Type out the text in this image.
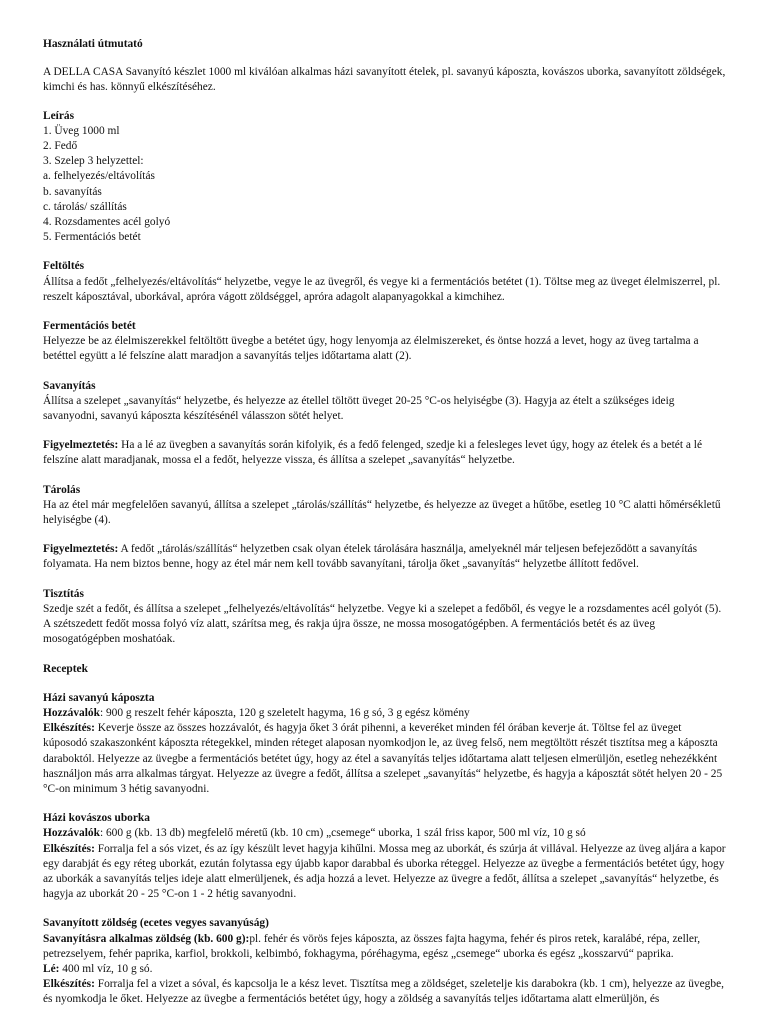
Használati útmutató

A DELLA CASA Savanyító készlet 1000 ml kiválóan alkalmas házi savanyított ételek, pl. savanyú káposzta, kovászos uborka, savanyított zöldségek, kimchi és has. könnyű elkészítéséhez.

Leírás
1. Üveg 1000 ml
2. Fedő
3. Szelep 3 helyzettel:
a. felhelyezés/eltávolítás
b. savanyítás
c. tárolás/ szállítás
4. Rozsdamentes acél golyó
5. Fermentációs betét
Feltöltés

Állítsa a fedőt „felhelyezés/eltávolítás“ helyzetbe, vegye le az üvegről, és vegye ki a fermentációs betétet (1). Töltse meg az üveget élelmiszerrel, pl. reszelt káposztával, uborkával, apróra vágott zöldséggel, apróra adagolt alapanyagokkal a kimchihez.

Fermentációs betét

Helyezze be az élelmiszerekkel feltöltött üvegbe a betétet úgy, hogy lenyomja az élelmiszereket, és öntse hozzá a levet, hogy az üveg tartalma a betéttel együtt a lé felszíne alatt maradjon a savanyítás teljes időtartama alatt (2).

Savanyítás

Állítsa a szelepet „savanyítás“ helyzetbe, és helyezze az étellel töltött üveget 20-25 °C-os helyiségbe (3). Hagyja az ételt a szükséges ideig savanyodni, savanyú káposzta készítésénél válasszon sötét helyet.

Figyelmeztetés: Ha a lé az üvegben a savanyítás során kifolyik, és a fedő felenged, szedje ki a felesleges levet úgy, hogy az ételek és a betét a lé felszíne alatt maradjanak, mossa el a fedőt, helyezze vissza, és állítsa a szelepet „savanyítás“ helyzetbe.

Tárolás

Ha az étel már megfelelően savanyú, állítsa a szelepet „tárolás/szállítás“ helyzetbe, és helyezze az üveget a hűtőbe, esetleg 10 °C alatti hőmérsékletű helyiségbe (4).

Figyelmeztetés: A fedőt „tárolás/szállítás“ helyzetben csak olyan ételek tárolására használja, amelyeknél már teljesen befejeződött a savanyítás folyamata. Ha nem biztos benne, hogy az étel már nem kell tovább savanyítani, tárolja őket „savanyítás“ helyzetbe állított fedővel.

Tisztítás

Szedje szét a fedőt, és állítsa a szelepet „felhelyezés/eltávolítás“ helyzetbe. Vegye ki a szelepet a fedőből, és vegye le a rozsdamentes acél golyót (5). A szétszedett fedőt mossa folyó víz alatt, szárítsa meg, és rakja újra össze, ne mossa mosogatógépben. A fermentációs betét és az üveg mosogatógépben moshatóak.

Receptek
Házi savanyú káposzta

Hozzávalók: 900 g reszelt fehér káposzta, 120 g szeletelt hagyma, 16 g só, 3 g egész kömény

Elkészítés: Keverje össze az összes hozzávalót, és hagyja őket 3 órát pihenni, a keveréket minden fél órában keverje át. Töltse fel az üveget kúposodó szakaszonként káposzta rétegekkel, minden réteget alaposan nyomkodjon le, az üveg felső, nem megtöltött részét tisztítsa meg a káposzta daraboktól. Helyezze az üvegbe a fermentációs betétet úgy, hogy az étel a savanyítás teljes időtartama alatt teljesen elmerüljön, esetleg nehezékként használjon más arra alkalmas tárgyat. Helyezze az üvegre a fedőt, állítsa a szelepet „savanyítás“ helyzetbe, és hagyja a káposztát sötét helyen 20 - 25 °C-on minimum 3 hétig savanyodni.

Házi kovászos uborka

Hozzávalók: 600 g (kb. 13 db) megfelelő méretű (kb. 10 cm) „csemege“ uborka, 1 szál friss kapor, 500 ml víz, 10 g só

Elkészítés: Forralja fel a sós vizet, és az így készült levet hagyja kihűlni. Mossa meg az uborkát, és szúrja át villával. Helyezze az üveg aljára a kapor egy darabját és egy réteg uborkát, ezután folytassa egy újabb kapor darabbal és uborka réteggel. Helyezze az üvegbe a fermentációs betétet úgy, hogy az uborkák a savanyítás teljes ideje alatt elmerüljenek, és adja hozzá a levet. Helyezze az üvegre a fedőt, állítsa a szelepet „savanyítás“ helyzetbe, és hagyja az uborkát 20 - 25 °C-on 1 - 2 hétig savanyodni.

Savanyított zöldség (ecetes vegyes savanyúság)

Savanyításra alkalmas zöldség (kb. 600 g):pl. fehér és vörös fejes káposzta, az összes fajta hagyma, fehér és piros retek, karalábé, répa, zeller, petrezselyem, fehér paprika, karfiol, brokkoli, kelbimbó, fokhagyma, póréhagyma, egész „csemege“ uborka és egész „kosszarvú“ paprika.

Lé: 400 ml víz, 10 g só.

Elkészítés: Forralja fel a vizet a sóval, és kapcsolja le a kész levet. Tisztítsa meg a zöldséget, szeletelje kis darabokra (kb. 1 cm), helyezze az üvegbe, és nyomkodja le őket. Helyezze az üvegbe a fermentációs betétet úgy, hogy a zöldség a savanyítás teljes időtartama alatt elmerüljön, és
